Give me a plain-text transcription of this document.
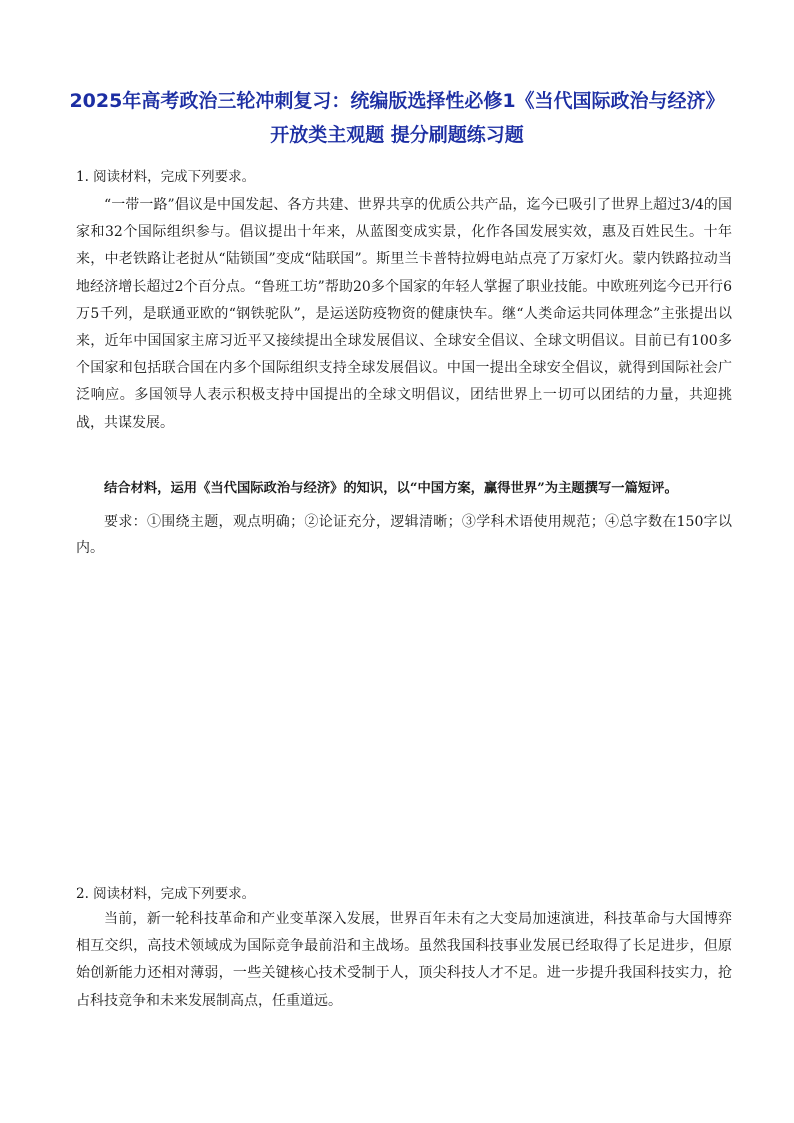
2025年高考政治三轮冲刺复习：统编版选择性必修1《当代国际政治与经济》开放类主观题 提分刷题练习题

1. 阅读材料，完成下列要求。

“一带一路”倡议是中国发起、各方共建、世界共享的优质公共产品，迄今已吸引了世界上超过3/4的国家和32个国际组织参与。倡议提出十年来，从蓝图变成实景，化作各国发展实效，惠及百姓民生。十年来，中老铁路让老挝从“陆锁国”变成“陆联国”。斯里兰卡普特拉姆电站点亮了万家灯火。蒙内铁路拉动当地经济增长超过2个百分点。“鲁班工坊”帮助20多个国家的年轻人掌握了职业技能。中欧班列迄今已开行6万5千列，是联通亚欧的“钢铁驼队”，是运送防疫物资的健康快车。继“人类命运共同体理念”主张提出以来，近年中国国家主席习近平又接续提出全球发展倡议、全球安全倡议、全球文明倡议。目前已有100多个国家和包括联合国在内多个国际组织支持全球发展倡议。中国一提出全球安全倡议，就得到国际社会广泛响应。多国领导人表示积极支持中国提出的全球文明倡议，团结世界上一切可以团结的力量，共迎挑战，共谋发展。

结合材料，运用《当代国际政治与经济》的知识，以“中国方案，赢得世界”为主题撰写一篇短评。

要求：①围绕主题，观点明确；②论证充分，逻辑清晰；③学科术语使用规范；④总字数在150字以内。

2. 阅读材料，完成下列要求。

当前，新一轮科技革命和产业变革深入发展，世界百年未有之大变局加速演进，科技革命与大国博弈相互交织，高技术领域成为国际竞争最前沿和主战场。虽然我国科技事业发展已经取得了长足进步，但原始创新能力还相对薄弱，一些关键核心技术受制于人，顶尖科技人才不足。进一步提升我国科技实力，抢占科技竞争和未来发展制高点，任重道远。
